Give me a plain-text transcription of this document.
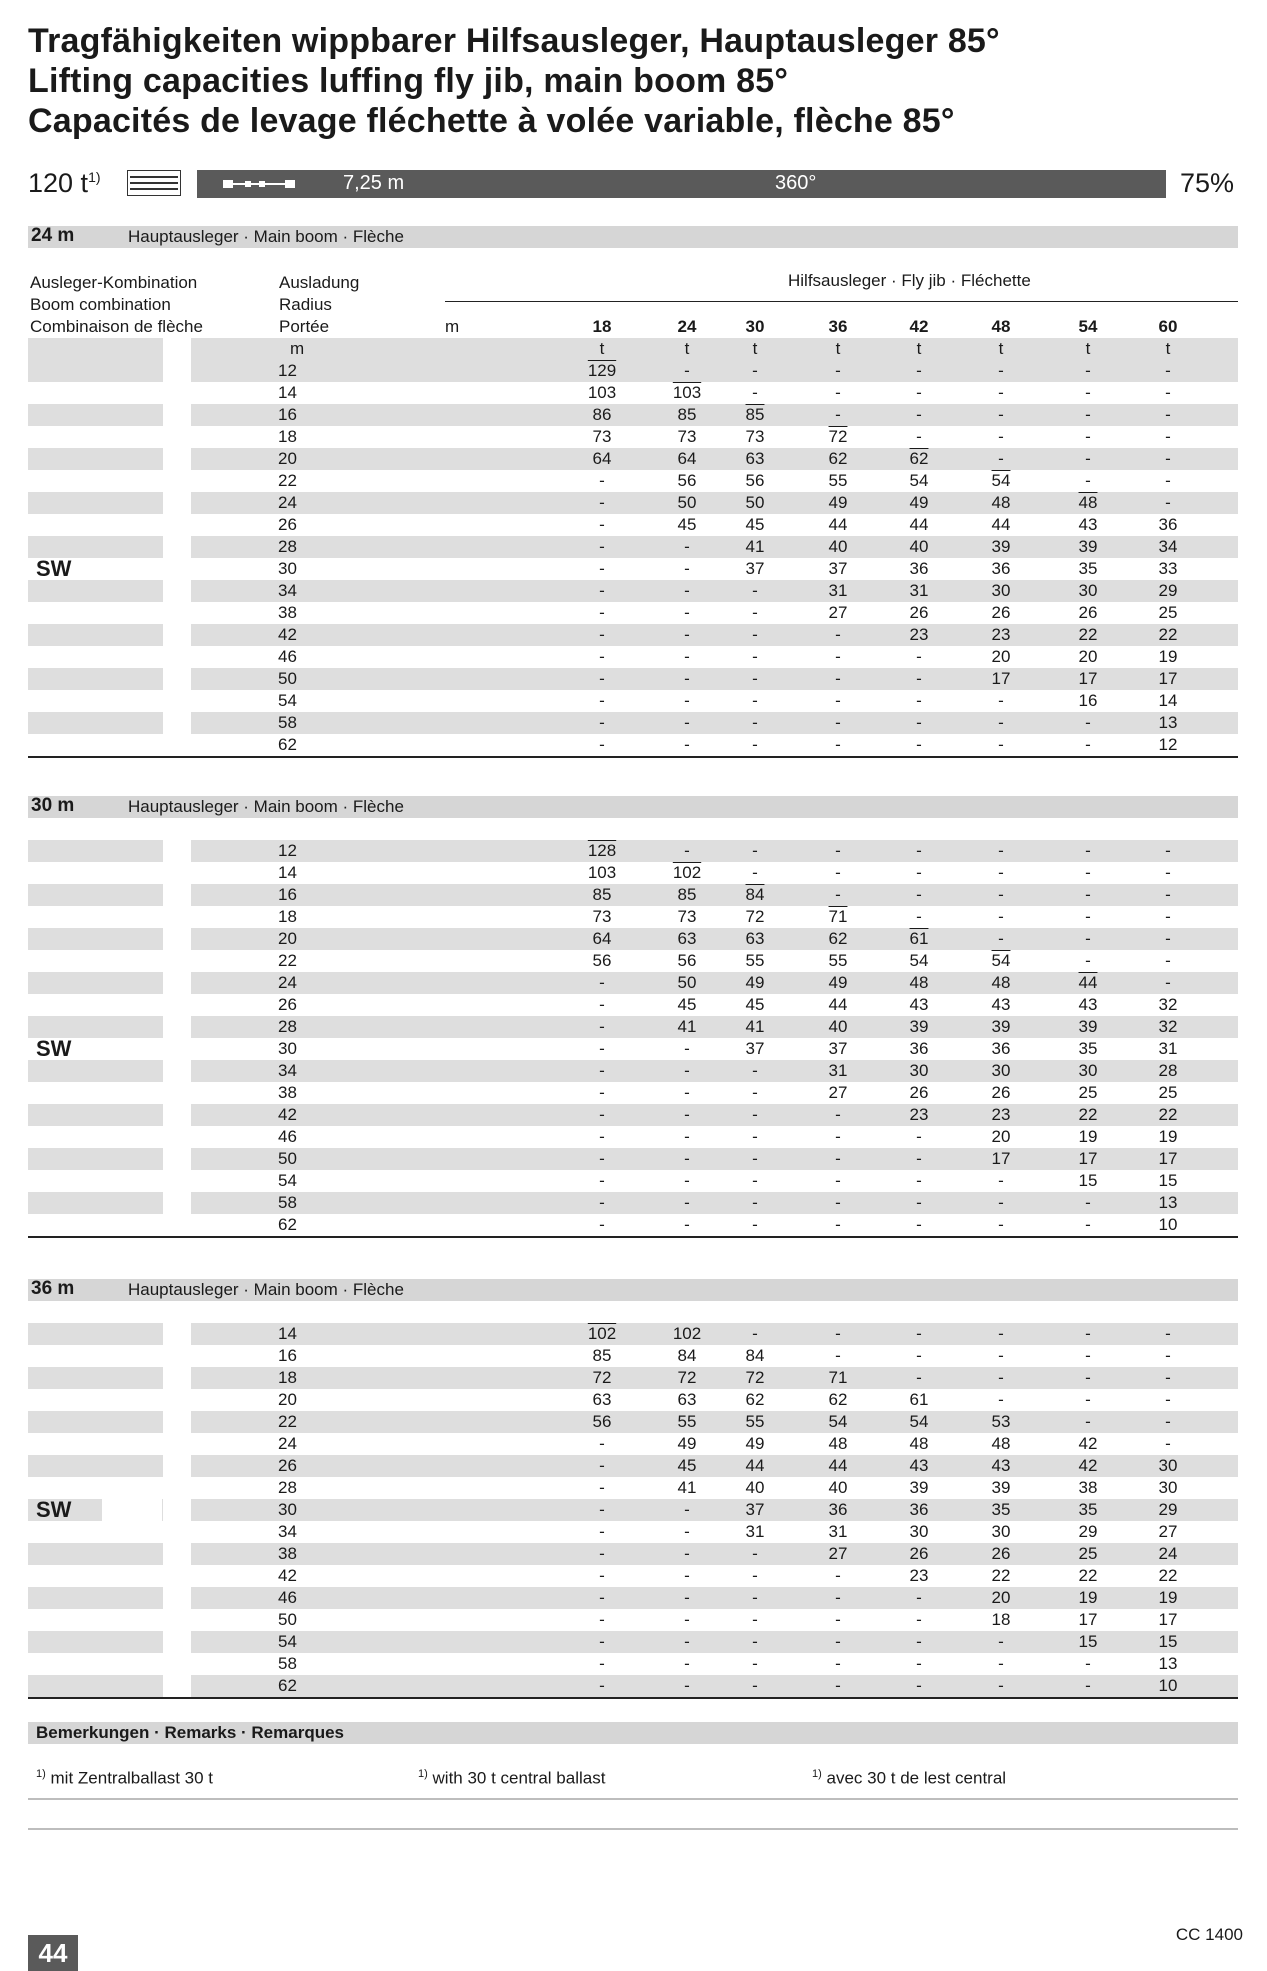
Tragfähigkeiten wippbarer Hilfsausleger, Hauptausleger 85°
Lifting capacities luffing fly jib, main boom 85°
Capacités de levage fléchette à volée variable, flèche 85°
120 $t^{1)}$	7,25 m	360°	75%
24 m	Hauptausleger · Main boom · Flèche
Ausleger-Kombination
Boom combination
Combinaison de flèche
Ausladung
Radius
Portée
Hilfsausleger · Fly jib · Fléchette
m	18	24	30	36	42	48	54	60
m	t	t	t	t	t	t	t	t
12	129	-	-	-	-	-	-	-
14	103	103	-	-	-	-	-	-
16	86	85	85	-	-	-	-	-
18	73	73	73	72	-	-	-	-
20	64	64	63	62	62	-	-	-
22	-	56	56	55	54	54	-	-
24	-	50	50	49	49	48	48	-
26	-	45	45	44	44	44	43	36
28	-	-	41	40	40	39	39	34
30	-	-	37	37	36	36	35	33
34	-	-	-	31	31	30	30	29
38	-	-	-	27	26	26	26	25
42	-	-	-	-	23	23	22	22
46	-	-	-	-	-	20	20	19
50	-	-	-	-	-	17	17	17
54	-	-	-	-	-	-	16	14
58	-	-	-	-	-	-	-	13
62	-	-	-	-	-	-	-	12
SW
30 m	Hauptausleger · Main boom · Flèche
12	128	-	-	-	-	-	-	-
14	103	102	-	-	-	-	-	-
16	85	85	84	-	-	-	-	-
18	73	73	72	71	-	-	-	-
20	64	63	63	62	61	-	-	-
22	56	56	55	55	54	54	-	-
24	-	50	49	49	48	48	44	-
26	-	45	45	44	43	43	43	32
28	-	41	41	40	39	39	39	32
30	-	-	37	37	36	36	35	31
34	-	-	-	31	30	30	30	28
38	-	-	-	27	26	26	25	25
42	-	-	-	-	23	23	22	22
46	-	-	-	-	-	20	19	19
50	-	-	-	-	-	17	17	17
54	-	-	-	-	-	-	15	15
58	-	-	-	-	-	-	-	13
62	-	-	-	-	-	-	-	10
SW
36 m	Hauptausleger · Main boom · Flèche
14	102	102	-	-	-	-	-	-
16	85	84	84	-	-	-	-	-
18	72	72	72	71	-	-	-	-
20	63	63	62	62	61	-	-	-
22	56	55	55	54	54	53	-	-
24	-	49	49	48	48	48	42	-
26	-	45	44	44	43	43	42	30
28	-	41	40	40	39	39	38	30
30	-	-	37	36	36	35	35	29
34	-	-	31	31	30	30	29	27
38	-	-	-	27	26	26	25	24
42	-	-	-	-	23	22	22	22
46	-	-	-	-	-	20	19	19
50	-	-	-	-	-	18	17	17
54	-	-	-	-	-	-	15	15
58	-	-	-	-	-	-	-	13
62	-	-	-	-	-	-	-	10
SW
Bemerkungen · Remarks · Remarques
$^{1)}$ mit Zentralballast 30 t	$^{1)}$ with 30 t central ballast	$^{1)}$ avec 30 t de lest central
44
CC 1400
